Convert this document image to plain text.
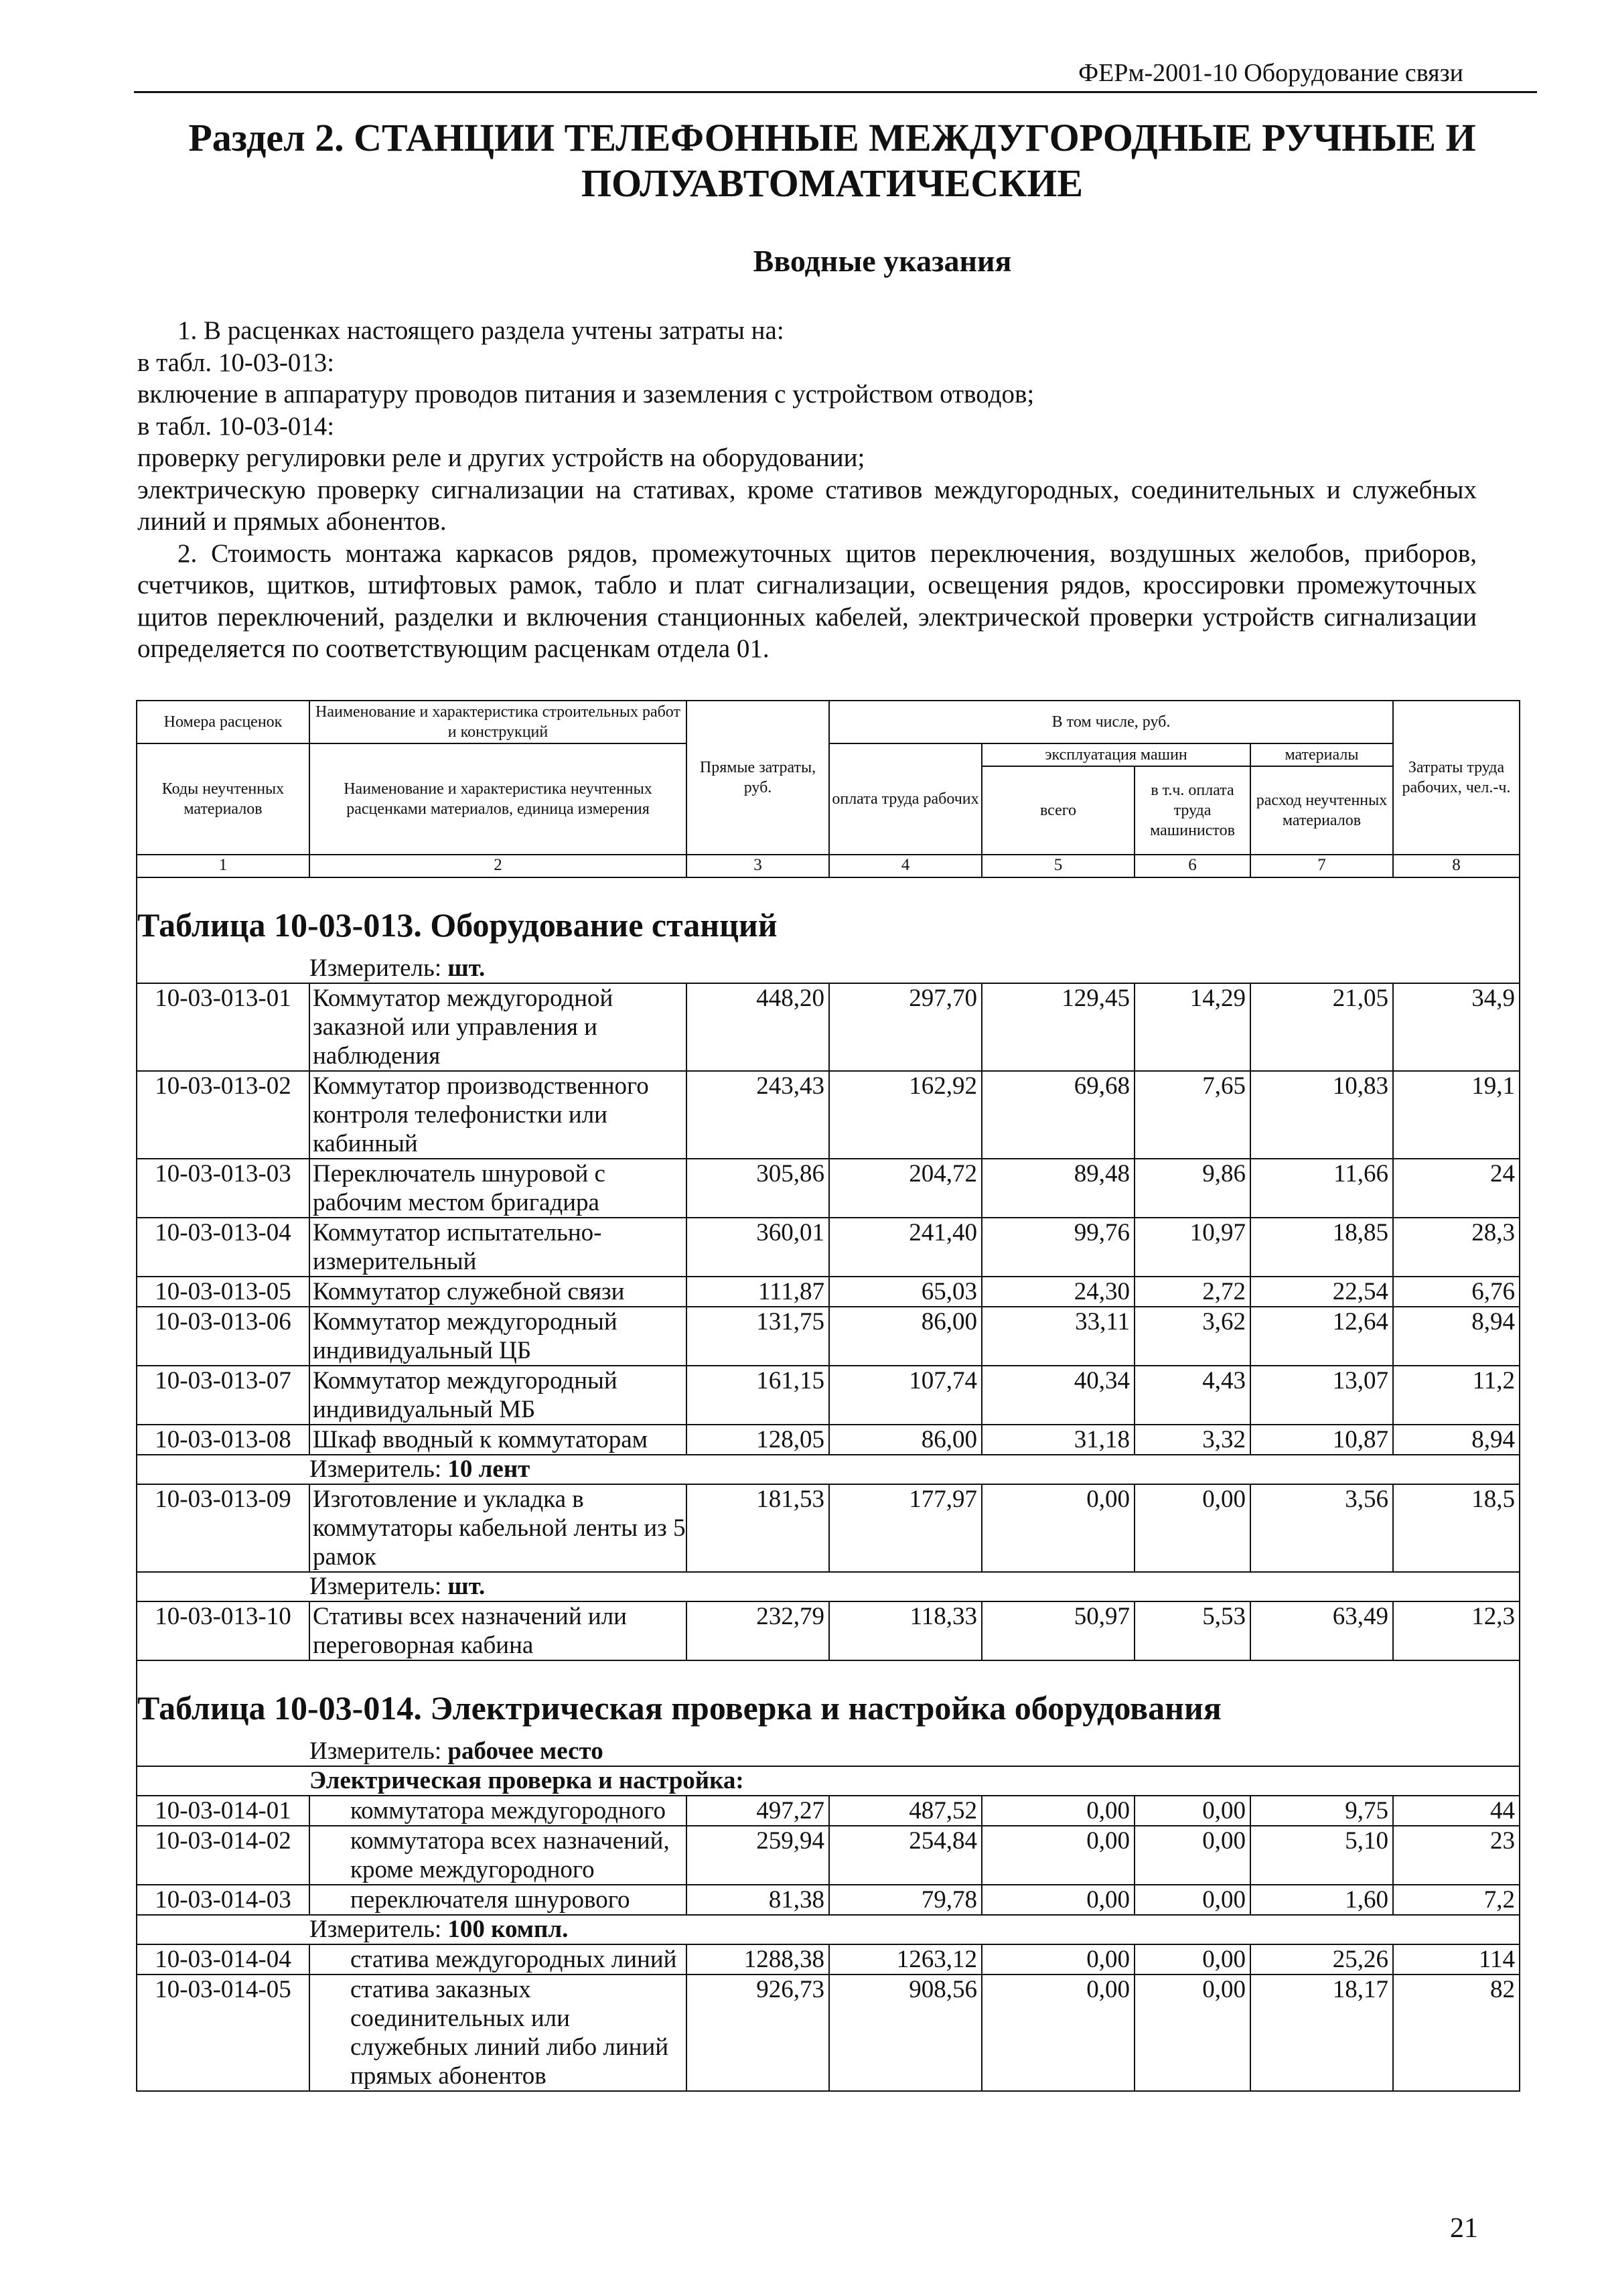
ФЕРм-2001-10 Оборудование связи
Раздел 2. СТАНЦИИ ТЕЛЕФОННЫЕ МЕЖДУГОРОДНЫЕ РУЧНЫЕ И
ПОЛУАВТОМАТИЧЕСКИЕ
Вводные указания

1. В расценках настоящего раздела учтены затраты на:

в табл. 10-03-013:

включение в аппаратуру проводов питания и заземления с устройством отводов;

в табл. 10-03-014:

проверку регулировки реле и других устройств на оборудовании;

электрическую проверку сигнализации на стативах, кроме стативов междугородных, соединительных и служебных линий и прямых абонентов.

2. Стоимость монтажа каркасов рядов, промежуточных щитов переключения, воздушных желобов, приборов, счетчиков, щитков, штифтовых рамок, табло и плат сигнализации, освещения рядов, кроссировки промежуточных щитов переключений, разделки и включения станционных кабелей, электрической проверки устройств сигнализации определяется по соответствующим расценкам отдела 01.

Номера расценок	Наименование и характеристика строительных работ и конструкций	Прямые затраты, руб.	В том числе, руб.				Затраты труда рабочих, чел.-ч.
Коды неучтенных материалов	Наименование и характеристика неучтенных расценками материалов, единица измерения		оплата труда рабочих	эксплуатация машин		материалы	
				всего	в т.ч. оплата труда машинистов	расход неучтенных материалов	
1	2	3	4	5	6	7	8

Таблица 10-03-013. Оборудование станций							

	Измеритель: шт.						
10-03-013-01	Коммутатор междугородной заказной или управления и наблюдения	448,20	297,70	129,45	14,29	21,05	34,9
10-03-013-02	Коммутатор производственного контроля телефонистки или кабинный	243,43	162,92	69,68	7,65	10,83	19,1
10-03-013-03	Переключатель шнуровой с рабочим местом бригадира	305,86	204,72	89,48	9,86	11,66	24
10-03-013-04	Коммутатор испытательно-измерительный	360,01	241,40	99,76	10,97	18,85	28,3
10-03-013-05	Коммутатор служебной связи	111,87	65,03	24,30	2,72	22,54	6,76
10-03-013-06	Коммутатор междугородный индивидуальный ЦБ	131,75	86,00	33,11	3,62	12,64	8,94
10-03-013-07	Коммутатор междугородный индивидуальный МБ	161,15	107,74	40,34	4,43	13,07	11,2
10-03-013-08	Шкаф вводный к коммутаторам	128,05	86,00	31,18	3,32	10,87	8,94
	Измеритель: 10 лент						
10-03-013-09	Изготовление и укладка в коммутаторы кабельной ленты из 5 рамок	181,53	177,97	0,00	0,00	3,56	18,5
	Измеритель: шт.						
10-03-013-10	Стативы всех назначений или переговорная кабина	232,79	118,33	50,97	5,53	63,49	12,3

Таблица 10-03-014. Электрическая проверка и настройка оборудования							

	Измеритель: рабочее место						
	Электрическая проверка и настройка:						
10-03-014-01	коммутатора междугородного	497,27	487,52	0,00	0,00	9,75	44
10-03-014-02	коммутатора всех назначений, кроме междугородного	259,94	254,84	0,00	0,00	5,10	23
10-03-014-03	переключателя шнурового	81,38	79,78	0,00	0,00	1,60	7,2
	Измеритель: 100 компл.						
10-03-014-04	статива междугородных линий	1288,38	1263,12	0,00	0,00	25,26	114
10-03-014-05	статива заказных соединительных или служебных линий либо линий прямых абонентов	926,73	908,56	0,00	0,00	18,17	82
21
